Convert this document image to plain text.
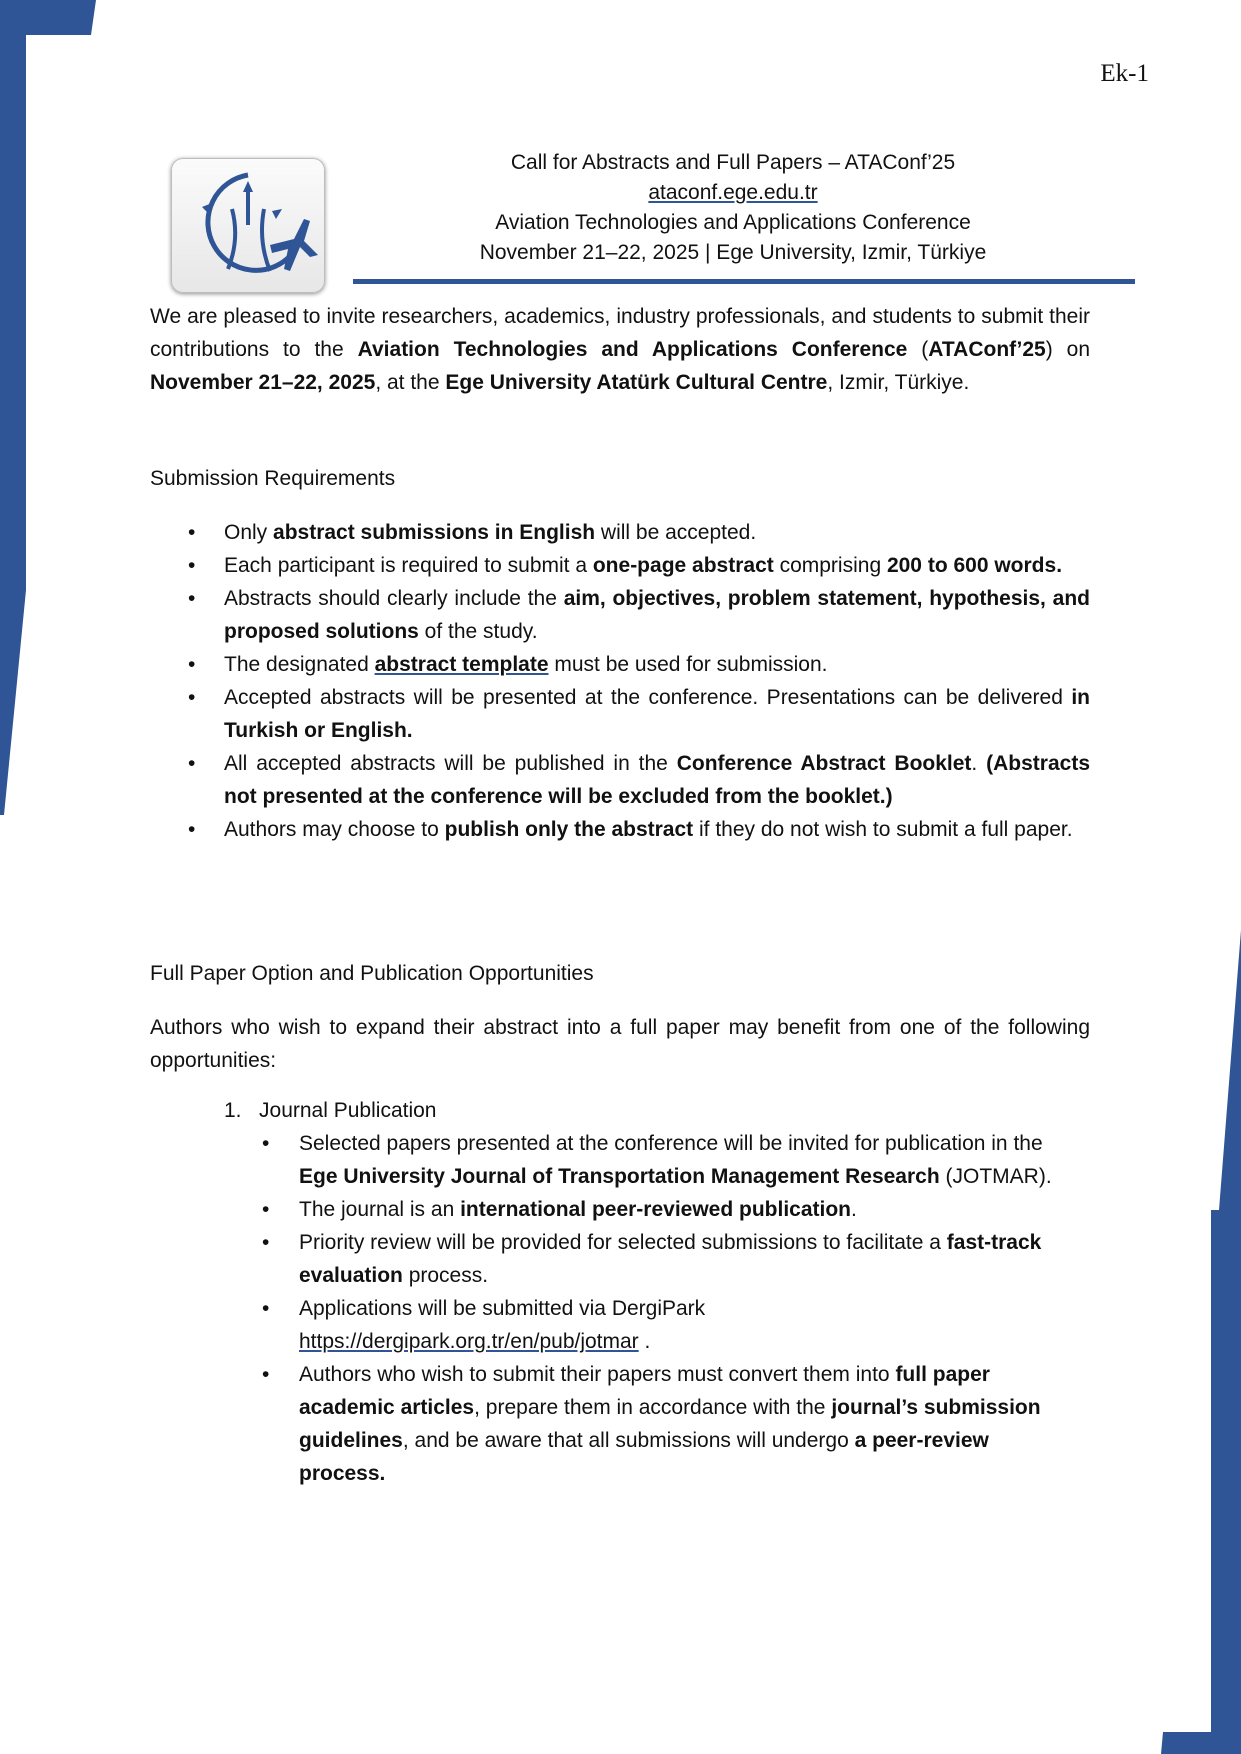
Ek-1
Call for Abstracts and Full Papers – ATAConf’25
ataconf.ege.edu.tr
Aviation Technologies and Applications Conference
November 21–22, 2025 | Ege University, Izmir, Türkiye

We are pleased to invite researchers, academics, industry professionals, and students to submit their contributions to the Aviation Technologies and Applications Conference (ATAConf’25) on November 21–22, 2025, at the Ege University Atatürk Cultural Centre, Izmir, Türkiye.

Submission Requirements
• Only abstract submissions in English will be accepted.
• Each participant is required to submit a one-page abstract comprising 200 to 600 words.
• Abstracts should clearly include the aim, objectives, problem statement, hypothesis, and proposed solutions of the study.
• The designated abstract template must be used for submission.
• Accepted abstracts will be presented at the conference. Presentations can be delivered in Turkish or English.
• All accepted abstracts will be published in the Conference Abstract Booklet. (Abstracts not presented at the conference will be excluded from the booklet.)
• Authors may choose to publish only the abstract if they do not wish to submit a full paper.
Full Paper Option and Publication Opportunities

Authors who wish to expand their abstract into a full paper may benefit from one of the following opportunities:

1. Journal Publication
• Selected papers presented at the conference will be invited for publication in the Ege University Journal of Transportation Management Research (JOTMAR).
• The journal is an international peer-reviewed publication.
• Priority review will be provided for selected submissions to facilitate a fast-track evaluation process.
• Applications will be submitted via DergiPark
https://dergipark.org.tr/en/pub/jotmar .
• Authors who wish to submit their papers must convert them into full paper academic articles, prepare them in accordance with the journal’s submission guidelines, and be aware that all submissions will undergo a peer-review process.
